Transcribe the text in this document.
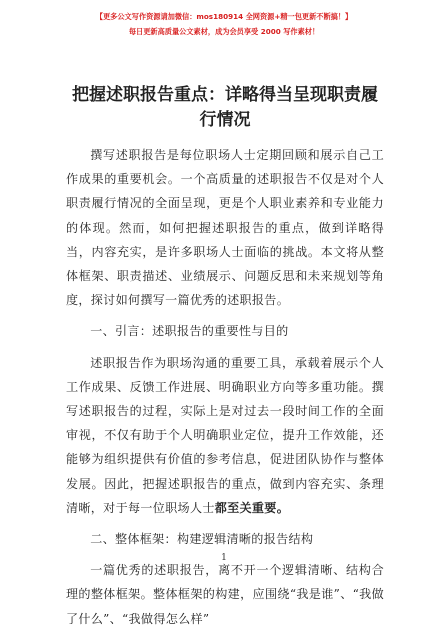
【更多公文写作资源请加微信：mos180914 全网资源+精一包更新不断搞！】
每日更新高质量公文素材，成为会员享受 2000 写作素材！
把握述职报告重点：详略得当呈现职责履行情况

撰写述职报告是每位职场人士定期回顾和展示自己工作成果的重要机会。一个高质量的述职报告不仅是对个人职责履行情况的全面呈现，更是个人职业素养和专业能力的体现。然而，如何把握述职报告的重点，做到详略得当，内容充实，是许多职场人士面临的挑战。本文将从整体框架、职责描述、业绩展示、问题反思和未来规划等角度，探讨如何撰写一篇优秀的述职报告。

一、引言：述职报告的重要性与目的

述职报告作为职场沟通的重要工具，承载着展示个人工作成果、反馈工作进展、明确职业方向等多重功能。撰写述职报告的过程，实际上是对过去一段时间工作的全面审视，不仅有助于个人明确职业定位，提升工作效能，还能够为组织提供有价值的参考信息，促进团队协作与整体发展。因此，把握述职报告的重点，做到内容充实、条理清晰，对于每一位职场人士都至关重要。

二、整体框架：构建逻辑清晰的报告结构

一篇优秀的述职报告，离不开一个逻辑清晰、结构合理的整体框架。整体框架的构建，应围绕“我是谁”、“我做了什么”、“我做得怎么样”

1
